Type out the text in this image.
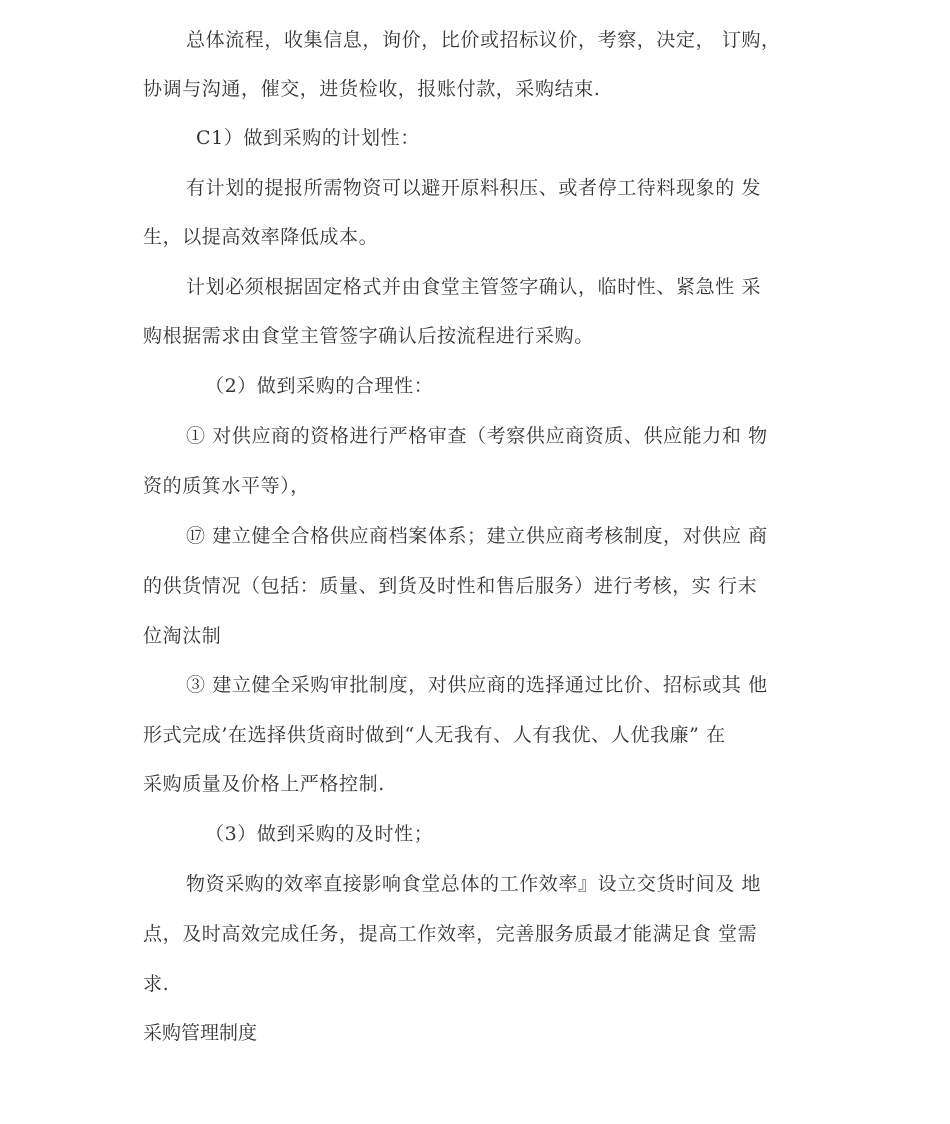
总体流程，收集信息，询价，比价或招标议价，考察，决定， 订购，
协调与沟通，催交，进货检收，报账付款，采购结束.
C1）做到采购的计划性：
有计划的提报所需物资可以避开原料积压、或者停工待料现象的 发
生，以提高效率降低成本。
计划必须根据固定格式并由食堂主管签字确认，临时性、紧急性 采
购根据需求由食堂主管签字确认后按流程进行采购。
（2）做到采购的合理性：
① 对供应商的资格进行严格审查（考察供应商资质、供应能力和 物
资的质箕水平等），
⑰ 建立健全合格供应商档案体系；建立供应商考核制度，对供应 商
的供货情况（包括：质量、到货及时性和售后服务）进行考核，实 行末
位淘汰制
③ 建立健全采购审批制度，对供应商的选择通过比价、招标或其 他
形式完成’在选择供货商时做到“人无我有、人有我优、人优我廉” 在
采购质量及价格上严格控制.
（3）做到采购的及时性；
物资采购的效率直接影响食堂总体的工作效率』设立交货时间及 地
点，及时高效完成任务，提高工作效率，完善服务质最才能满足食 堂需
求.
采购管理制度
